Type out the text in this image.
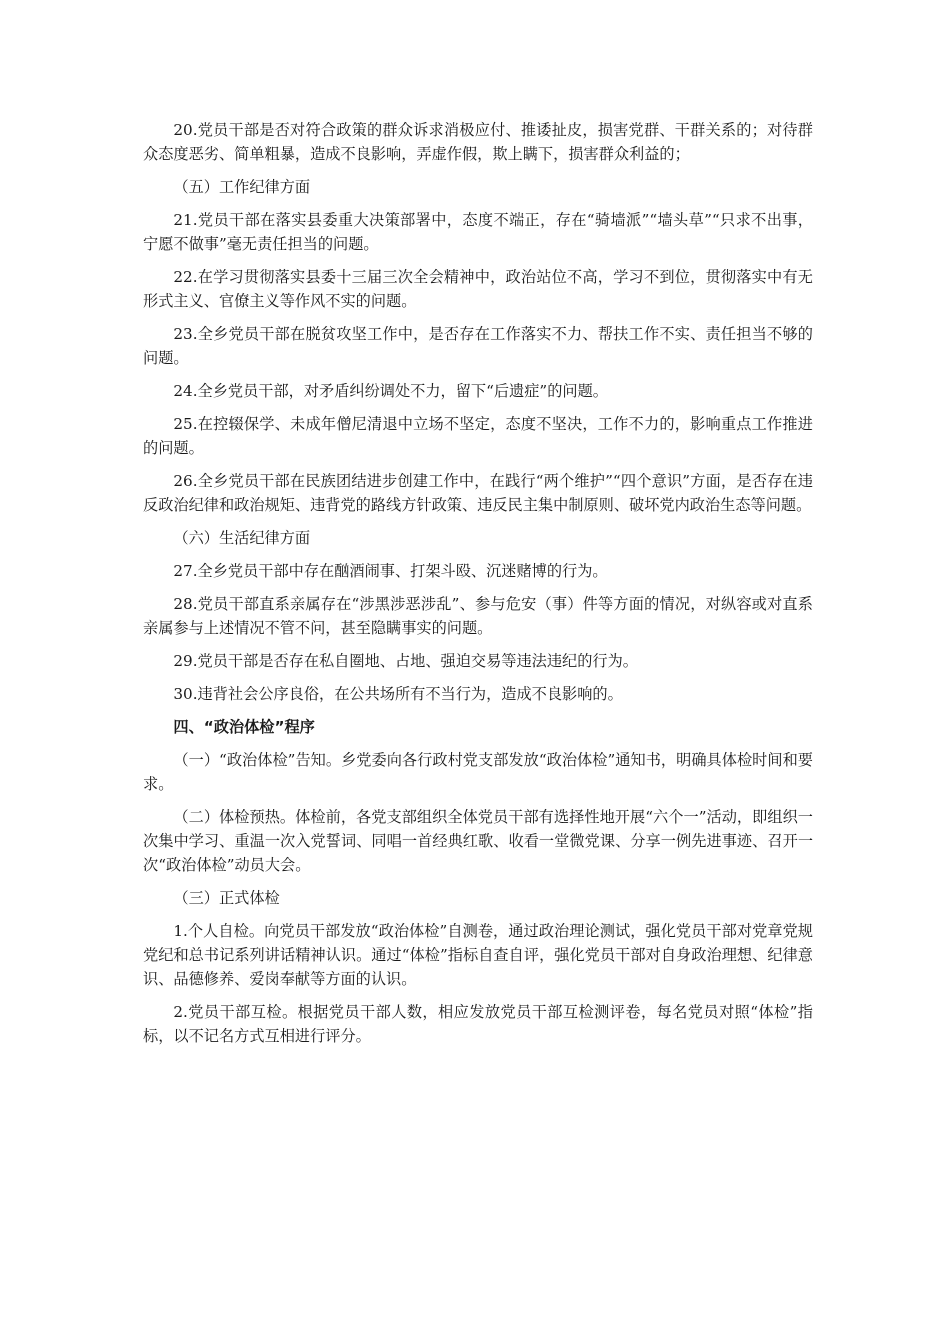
20.党员干部是否对符合政策的群众诉求消极应付、推诿扯皮，损害党群、干群关系的；对待群众态度恶劣、简单粗暴，造成不良影响，弄虚作假，欺上瞒下，损害群众利益的；

（五）工作纪律方面

21.党员干部在落实县委重大决策部署中，态度不端正，存在“骑墙派”“墙头草”“只求不出事，宁愿不做事”毫无责任担当的问题。

22.在学习贯彻落实县委十三届三次全会精神中，政治站位不高，学习不到位，贯彻落实中有无形式主义、官僚主义等作风不实的问题。

23.全乡党员干部在脱贫攻坚工作中，是否存在工作落实不力、帮扶工作不实、责任担当不够的问题。

24.全乡党员干部，对矛盾纠纷调处不力，留下“后遗症”的问题。

25.在控辍保学、未成年僧尼清退中立场不坚定，态度不坚决，工作不力的，影响重点工作推进的问题。

26.全乡党员干部在民族团结进步创建工作中，在践行“两个维护”“四个意识”方面，是否存在违反政治纪律和政治规矩、违背党的路线方针政策、违反民主集中制原则、破坏党内政治生态等问题。

（六）生活纪律方面

27.全乡党员干部中存在酗酒闹事、打架斗殴、沉迷赌博的行为。

28.党员干部直系亲属存在“涉黑涉恶涉乱”、参与危安（事）件等方面的情况，对纵容或对直系亲属参与上述情况不管不问，甚至隐瞒事实的问题。

29.党员干部是否存在私自圈地、占地、强迫交易等违法违纪的行为。

30.违背社会公序良俗，在公共场所有不当行为，造成不良影响的。

四、“政治体检”程序

（一）“政治体检”告知。乡党委向各行政村党支部发放“政治体检”通知书，明确具体检时间和要求。

（二）体检预热。体检前，各党支部组织全体党员干部有选择性地开展“六个一”活动，即组织一次集中学习、重温一次入党誓词、同唱一首经典红歌、收看一堂微党课、分享一例先进事迹、召开一次“政治体检”动员大会。

（三）正式体检

1.个人自检。向党员干部发放“政治体检”自测卷，通过政治理论测试，强化党员干部对党章党规党纪和总书记系列讲话精神认识。通过“体检”指标自查自评，强化党员干部对自身政治理想、纪律意识、品德修养、爱岗奉献等方面的认识。

2.党员干部互检。根据党员干部人数，相应发放党员干部互检测评卷，每名党员对照“体检”指标，以不记名方式互相进行评分。
